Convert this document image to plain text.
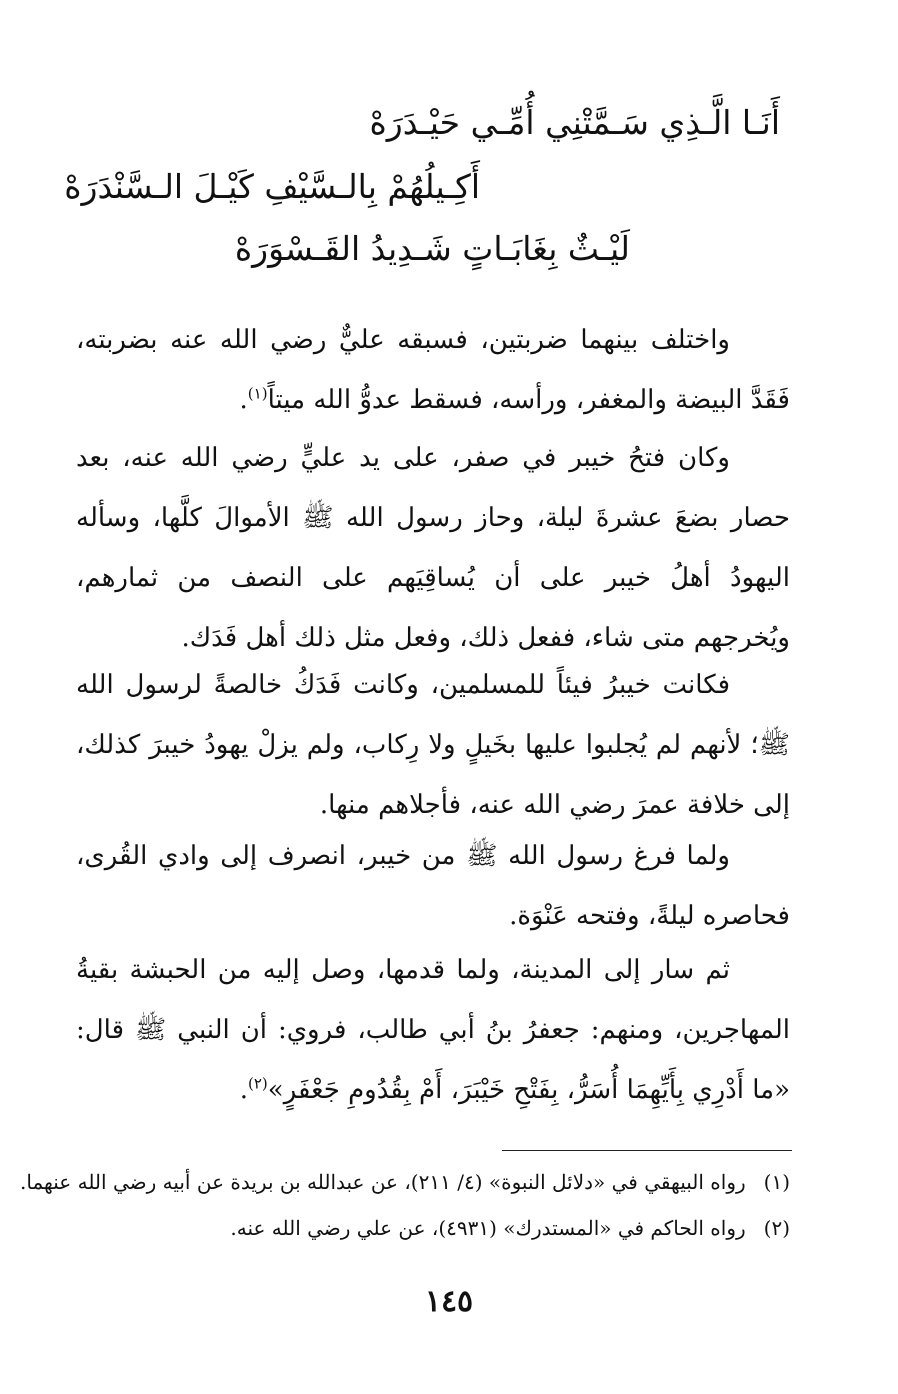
أَنَـا الَّـذِي سَـمَّتْنِي أُمِّـي حَيْـدَرَهْ
أَكِـيلُهُمْ بِالـسَّيْفِ كَيْـلَ الـسَّنْدَرَهْ
لَيْـثٌ بِغَابَـاتٍ شَـدِيدُ القَـسْوَرَهْ

واختلف بينهما ضربتين، فسبقه عليٌّ رضي الله عنه بضربته، فَقَدَّ البيضة والمغفر، ورأسه، فسقط عدوُّ الله ميتاً$^{(١)}$.

وكان فتحُ خيبر في صفر، على يد عليٍّ رضي الله عنه، بعد حصار بضعَ عشرةَ ليلة، وحاز رسول الله ﷺ الأموالَ كلَّها، وسأله اليهودُ أهلُ خيبر على أن يُساقِيَهم على النصف من ثمارهم، ويُخرجهم متى شاء، ففعل ذلك، وفعل مثل ذلك أهل فَدَك.

فكانت خيبرُ فيئاً للمسلمين، وكانت فَدَكُ خالصةً لرسول الله ﷺ؛ لأنهم لم يُجلبوا عليها بخَيلٍ ولا رِكاب، ولم يزلْ يهودُ خيبرَ كذلك، إلى خلافة عمرَ رضي الله عنه، فأجلاهم منها.

ولما فرغ رسول الله ﷺ من خيبر، انصرف إلى وادي القُرى، فحاصره ليلةً، وفتحه عَنْوَة.

ثم سار إلى المدينة، ولما قدمها، وصل إليه من الحبشة بقيةُ المهاجرين، ومنهم: جعفرُ بنُ أبي طالب، فروي: أن النبي ﷺ قال: «ما أَدْرِي بِأَيِّهِمَا أُسَرُّ، بِفَتْحِ خَيْبَرَ، أَمْ بِقُدُومِ جَعْفَرٍ»$^{(٢)}$.

(١) رواه البيهقي في «دلائل النبوة» (٤/ ٢١١)، عن عبدالله بن بريدة عن أبيه رضي الله عنهما.
(٢) رواه الحاكم في «المستدرك» (٤٩٣١)، عن علي رضي الله عنه.
١٤٥
